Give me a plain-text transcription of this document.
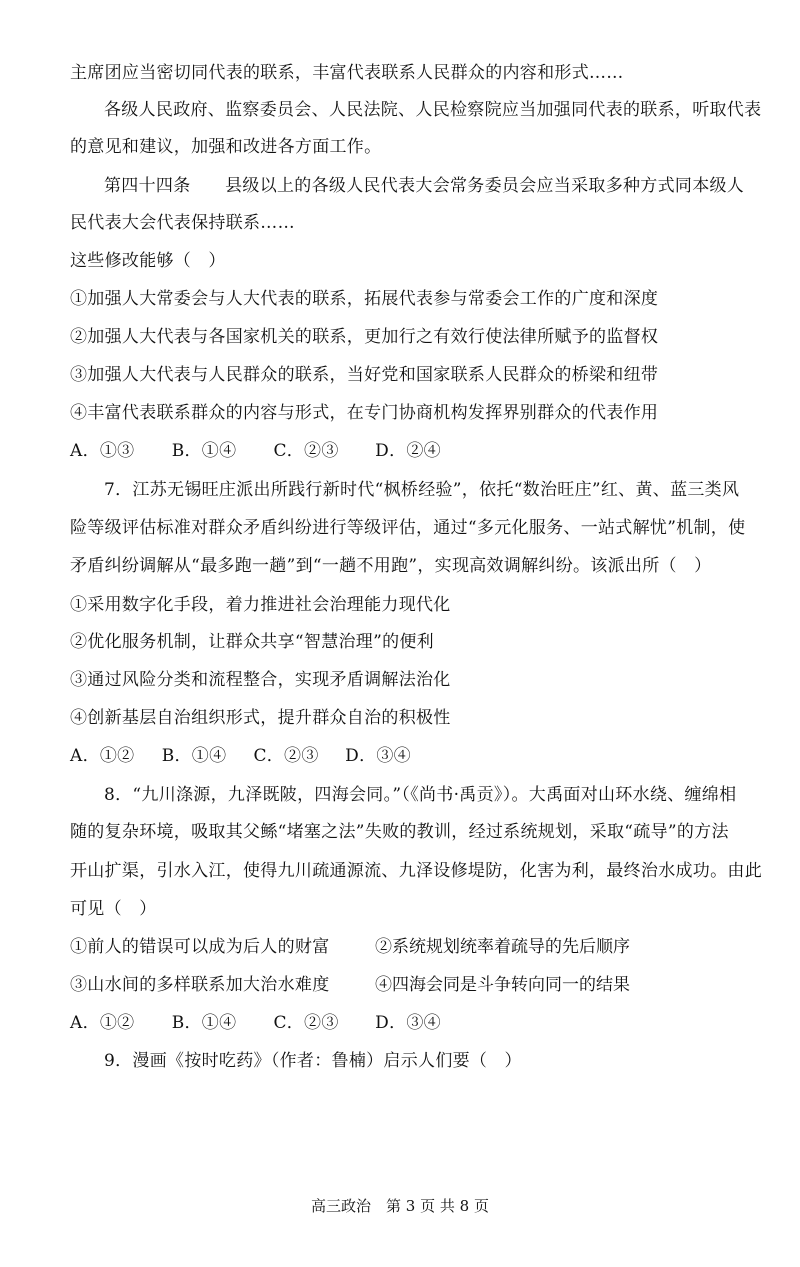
主席团应当密切同代表的联系，丰富代表联系人民群众的内容和形式……
各级人民政府、监察委员会、人民法院、人民检察院应当加强同代表的联系，听取代表
的意见和建议，加强和改进各方面工作。
第四十四条　　县级以上的各级人民代表大会常务委员会应当采取多种方式同本级人
民代表大会代表保持联系……
这些修改能够（　）
①加强人大常委会与人大代表的联系，拓展代表参与常委会工作的广度和深度
②加强人大代表与各国家机关的联系，更加行之有效行使法律所赋予的监督权
③加强人大代表与人民群众的联系，当好党和国家联系人民群众的桥梁和纽带
④丰富代表联系群众的内容与形式，在专门协商机构发挥界别群众的代表作用
A．①③ B．①④ C．②③ D．②④
7．江苏无锡旺庄派出所践行新时代“枫桥经验”，依托“数治旺庄”红、黄、蓝三类风
险等级评估标准对群众矛盾纠纷进行等级评估，通过“多元化服务、一站式解忧”机制，使
矛盾纠纷调解从“最多跑一趟”到“一趟不用跑”，实现高效调解纠纷。该派出所（　）
①采用数字化手段，着力推进社会治理能力现代化
②优化服务机制，让群众共享“智慧治理”的便利
③通过风险分类和流程整合，实现矛盾调解法治化
④创新基层自治组织形式，提升群众自治的积极性
A．①② B．①④ C．②③ D．③④
8．“九川涤源，九泽既陂，四海会同。”（《尚书·禹贡》）。大禹面对山环水绕、缠绵相
随的复杂环境，吸取其父鲧“堵塞之法”失败的教训，经过系统规划，采取“疏导”的方法
开山扩渠，引水入江，使得九川疏通源流、九泽设修堤防，化害为利，最终治水成功。由此
可见（　）
①前人的错误可以成为后人的财富	②系统规划统率着疏导的先后顺序
③山水间的多样联系加大治水难度	④四海会同是斗争转向同一的结果
A．①② B．①④ C．②③ D．③④
9．漫画《按时吃药》（作者：鲁楠）启示人们要（　）
高三政治　第 3 页 共 8 页
